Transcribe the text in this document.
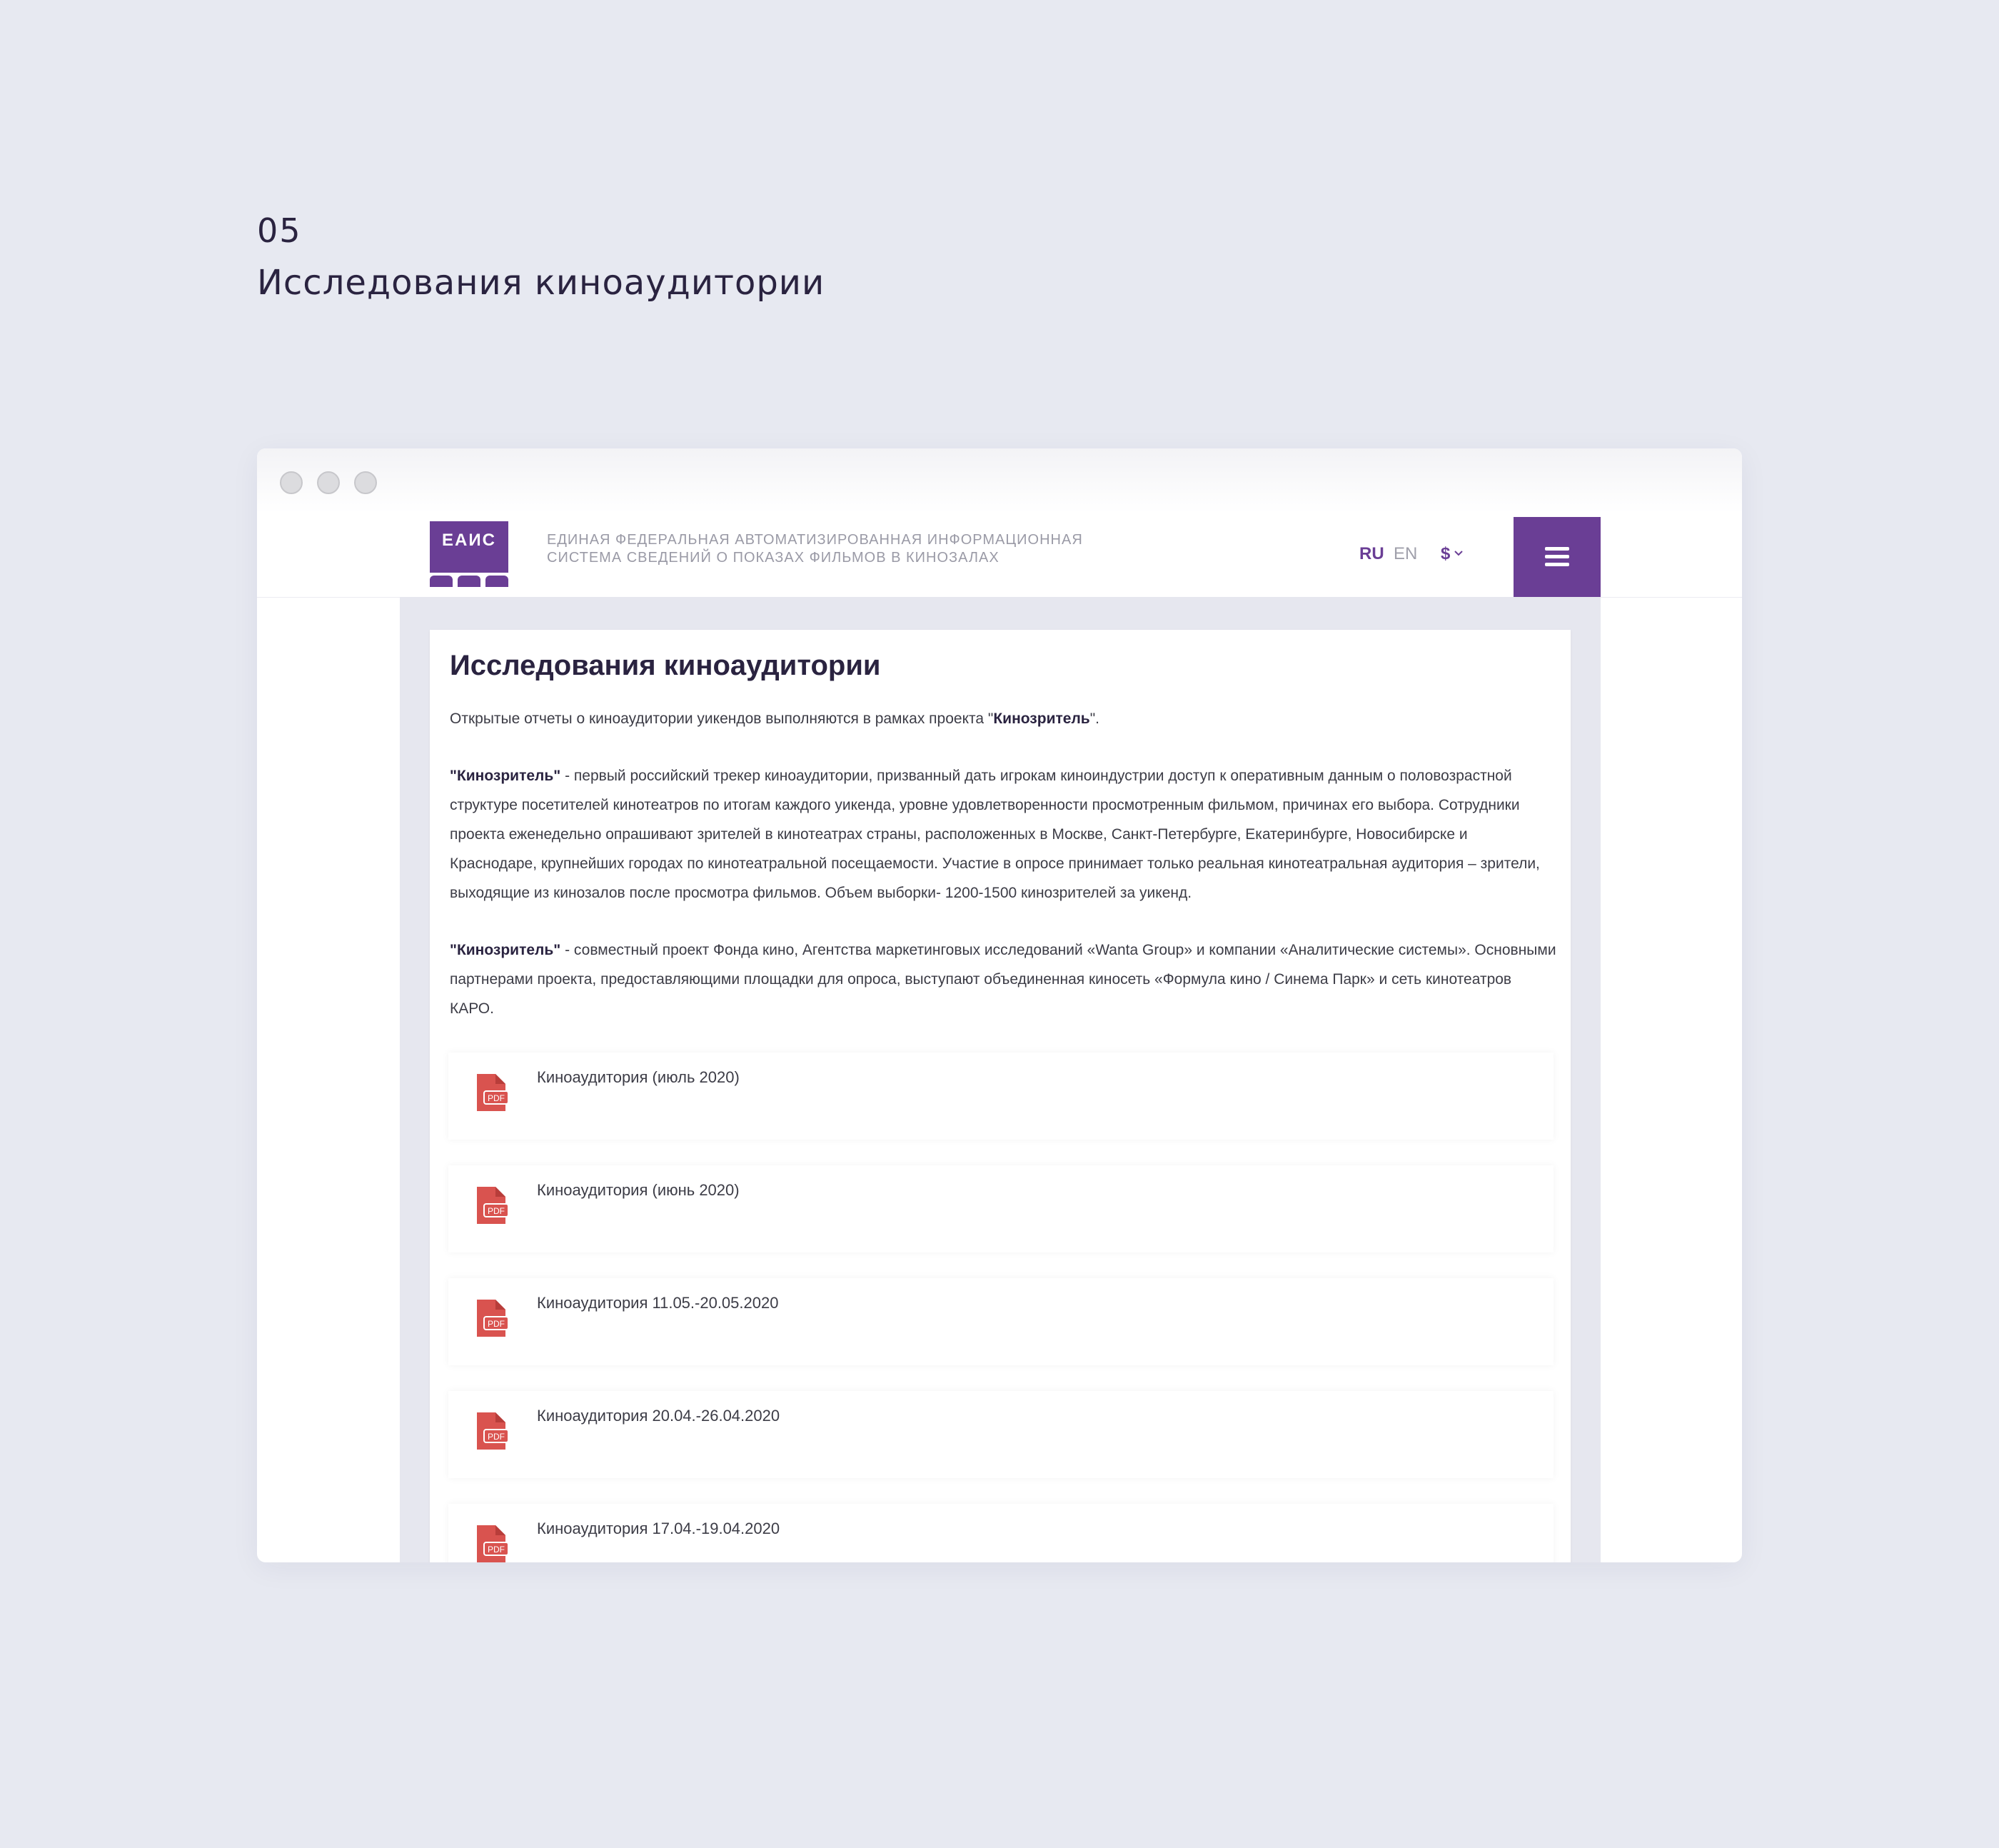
05
Исследования киноаудитории
ЕАИС	ЕДИНАЯ ФЕДЕРАЛЬНАЯ АВТОМАТИЗИРОВАННАЯ ИНФОРМАЦИОННАЯ
СИСТЕМА СВЕДЕНИЙ О ПОКАЗАХ ФИЛЬМОВ В КИНОЗАЛАХ	RU EN $
Исследования киноаудитории
Открытые отчеты о киноаудитории уикендов выполняются в рамках проекта "Кинозритель".
"Кинозритель" - первый российский трекер киноаудитории, призванный дать игрокам киноиндустрии доступ к оперативным данным о половозрастной структуре посетителей кинотеатров по итогам каждого уикенда, уровне удовлетворенности просмотренным фильмом, причинах его выбора. Сотрудники проекта еженедельно опрашивают зрителей в кинотеатрах страны, расположенных в Москве, Санкт-Петербурге, Екатеринбурге, Новосибирске и Краснодаре, крупнейших городах по кинотеатральной посещаемости. Участие в опросе принимает только реальная кинотеатральная аудитория – зрители, выходящие из кинозалов после просмотра фильмов. Объем выборки- 1200-1500 кинозрителей за уикенд.
"Кинозритель" - совместный проект Фонда кино, Агентства маркетинговых исследований «Wanta Group» и компании «Аналитические системы». Основными партнерами проекта, предоставляющими площадки для опроса, выступают объединенная киносеть «Формула кино / Синема Парк» и сеть кинотеатров КАРО.
PDF
Киноаудитория (июль 2020)
PDF
Киноаудитория (июнь 2020)
PDF
Киноаудитория 11.05.-20.05.2020
PDF
Киноаудитория 20.04.-26.04.2020
PDF
Киноаудитория 17.04.-19.04.2020
